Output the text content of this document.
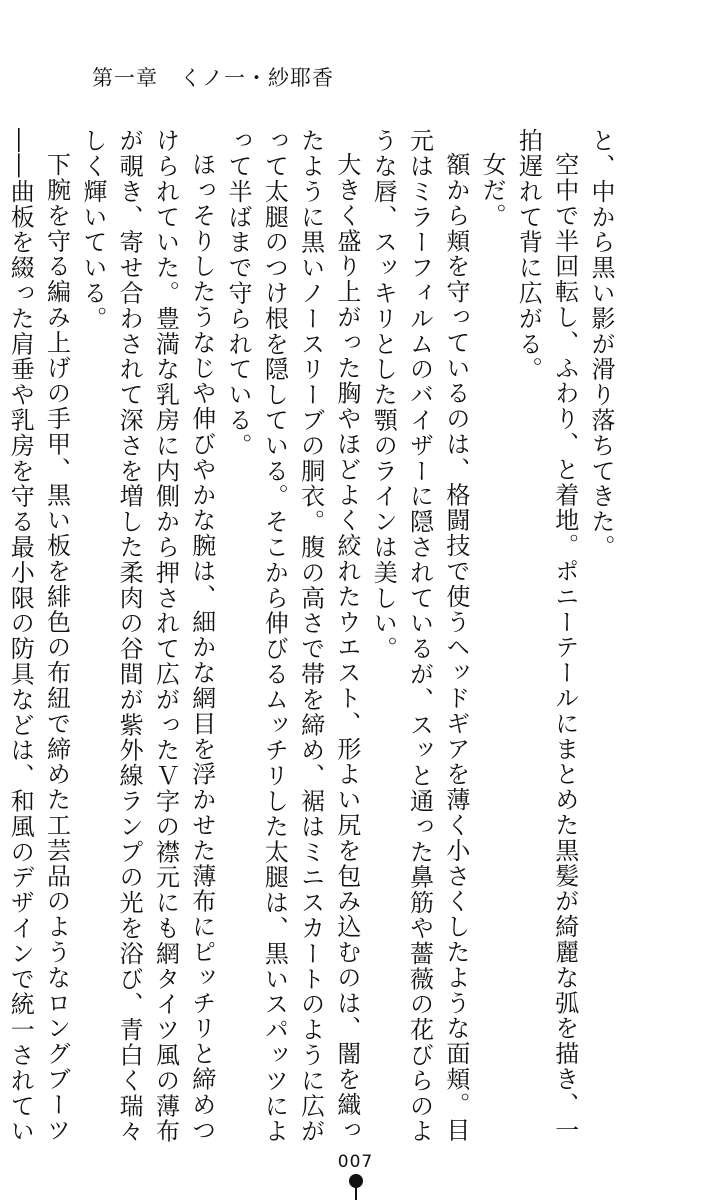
第一章　くノ一・紗耶香
と、中から黒い影が滑り落ちてきた。
空中で半回転し、ふわり、と着地。ポニーテールにまとめた黒髪が綺麗な弧を描き、一
拍遅れて背に広がる。
女だ。
額から頬を守っているのは、格闘技で使うヘッドギアを薄く小さくしたような面頬。目
元はミラーフィルムのバイザーに隠されているが、スッと通った鼻筋や薔薇の花びらのよ
うな唇、スッキリとした顎のラインは美しい。
大きく盛り上がった胸やほどよく絞れたウエスト、形よい尻を包み込むのは、闇を織っ
たように黒いノースリーブの胴衣。腹の高さで帯を締め、裾はミニスカートのように広が
って太腿のつけ根を隠している。そこから伸びるムッチリした太腿は、黒いスパッツによ
って半ばまで守られている。
ほっそりしたうなじや伸びやかな腕は、細かな網目を浮かせた薄布にピッチリと締めつ
けられていた。豊満な乳房に内側から押されて広がったＶ字の襟元にも網タイツ風の薄布
が覗き、寄せ合わされて深さを増した柔肉の谷間が紫外線ランプの光を浴び、青白く瑞々
しく輝いている。
下腕を守る編み上げの手甲、黒い板を緋色の布紐で締めた工芸品のようなロングブーツ
――曲板を綴った肩垂や乳房を守る最小限の防具などは、和風のデザインで統一されてい
007
